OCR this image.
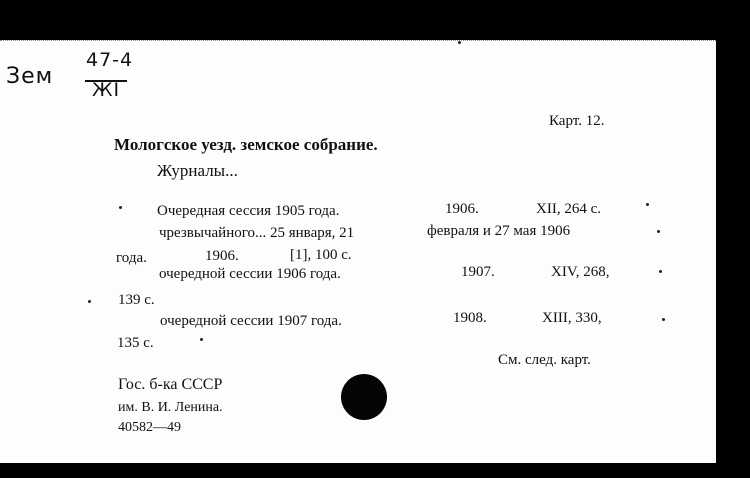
Зем
47-4
ЖI
Карт. 12.
Мологское уезд. земское собрание.
Журналы...
Очередная сессия 1905 года.	1906.	XII, 264 с.
чрезвычайного... 25 января, 21	февраля и 27 мая 1906
года.	1906.	[1], 100 с.
очередной сессии 1906 года.	1907.	XIV, 268,
139 с.
очередной сессии 1907 года.	1908.	XIII, 330,
135 с.
См. след. карт.
Гос. б-ка СССР
им. В. И. Ленина.
40582—49
